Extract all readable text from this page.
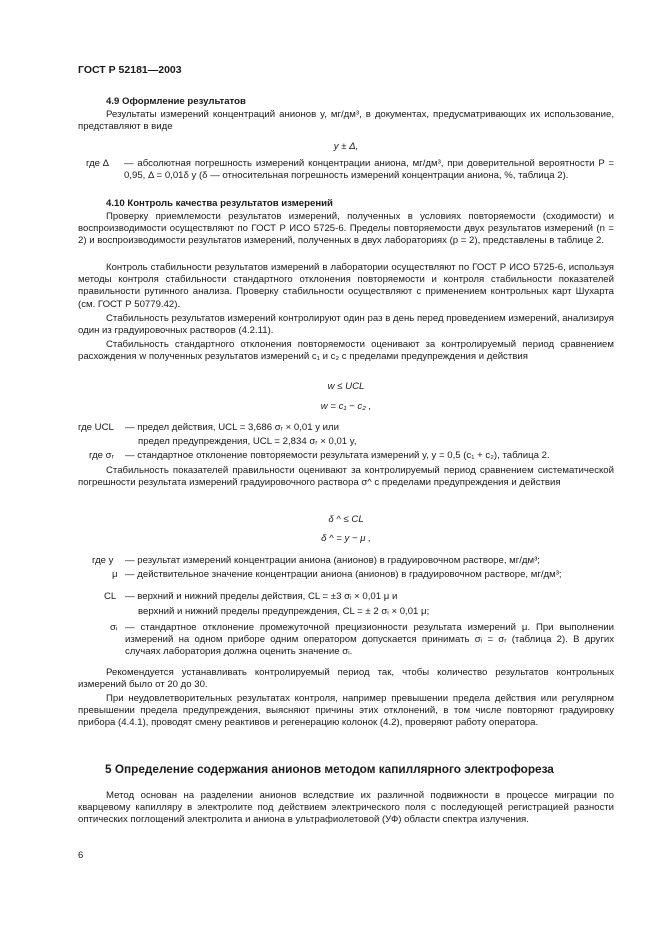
ГОСТ Р 52181—2003
4.9 Оформление результатов
Результаты измерений концентраций анионов y, мг/дм³, в документах, предусматривающих их использование, представляют в виде
y ± Δ,
где Δ — абсолютная погрешность измерений концентрации аниона, мг/дм³, при доверительной вероятности P = 0,95, Δ = 0,01δ y (δ — относительная погрешность измерений концентрации аниона, %, таблица 2).
4.10 Контроль качества результатов измерений
Проверку приемлемости результатов измерений, полученных в условиях повторяемости (сходимости) и воспроизводимости осуществляют по ГОСТ Р ИСО 5725-6. Пределы повторяемости двух результатов измерений (n = 2) и воспроизводимости результатов измерений, полученных в двух лабораториях (p = 2), представлены в таблице 2.
Контроль стабильности результатов измерений в лаборатории осуществляют по ГОСТ Р ИСО 5725-6, используя методы контроля стабильности стандартного отклонения повторяемости и контроля стабильности показателей правильности рутинного анализа. Проверку стабильности осуществляют с применением контрольных карт Шухарта (см. ГОСТ Р 50779.42).
Стабильность результатов измерений контролируют один раз в день перед проведением измерений, анализируя один из градуировочных растворов (4.2.11).
Стабильность стандартного отклонения повторяемости оценивают за контролируемый период сравнением расхождения w полученных результатов измерений c₁ и c₂ с пределами предупреждения и действия
w ≤ UCL
w = c₁ − c₂ ,
где UCL — предел действия, UCL = 3,686 σᵣ × 0,01 y или
предел предупреждения, UCL = 2,834 σᵣ × 0,01 y,
где σᵣ — стандартное отклонение повторяемости результата измерений y, y = 0,5 (c₁ + c₂), таблица 2.
Стабильность показателей правильности оценивают за контролируемый период сравнением систематической погрешности результата измерений градуировочного раствора σ^ с пределами предупреждения и действия
δ ^ ≤ CL
δ ^ = y − μ ,
где y — результат измерений концентрации аниона (анионов) в градуировочном растворе, мг/дм³;
μ — действительное значение концентрации аниона (анионов) в градуировочном растворе, мг/дм³;
CL — верхний и нижний пределы действия, CL = ±3 σᵢ × 0,01 μ и
верхний и нижний пределы предупреждения, CL = ± 2 σᵢ × 0,01 μ;
σᵢ — стандартное отклонение промежуточной прецизионности результата измерений μ. При выполнении измерений на одном приборе одним оператором допускается принимать σᵢ = σᵣ (таблица 2). В других случаях лаборатория должна оценить значение σᵢ.
Рекомендуется устанавливать контролируемый период так, чтобы количество результатов контрольных измерений было от 20 до 30.
При неудовлетворительных результатах контроля, например превышении предела действия или регулярном превышении предела предупреждения, выясняют причины этих отклонений, в том числе повторяют градуировку прибора (4.4.1), проводят смену реактивов и регенерацию колонок (4.2), проверяют работу оператора.
5 Определение содержания анионов методом капиллярного электрофореза
Метод основан на разделении анионов вследствие их различной подвижности в процессе миграции по кварцевому капилляру в электролите под действием электрического поля с последующей регистрацией разности оптических поглощений электролита и аниона в ультрафиолетовой (УФ) области спектра излучения.
6
